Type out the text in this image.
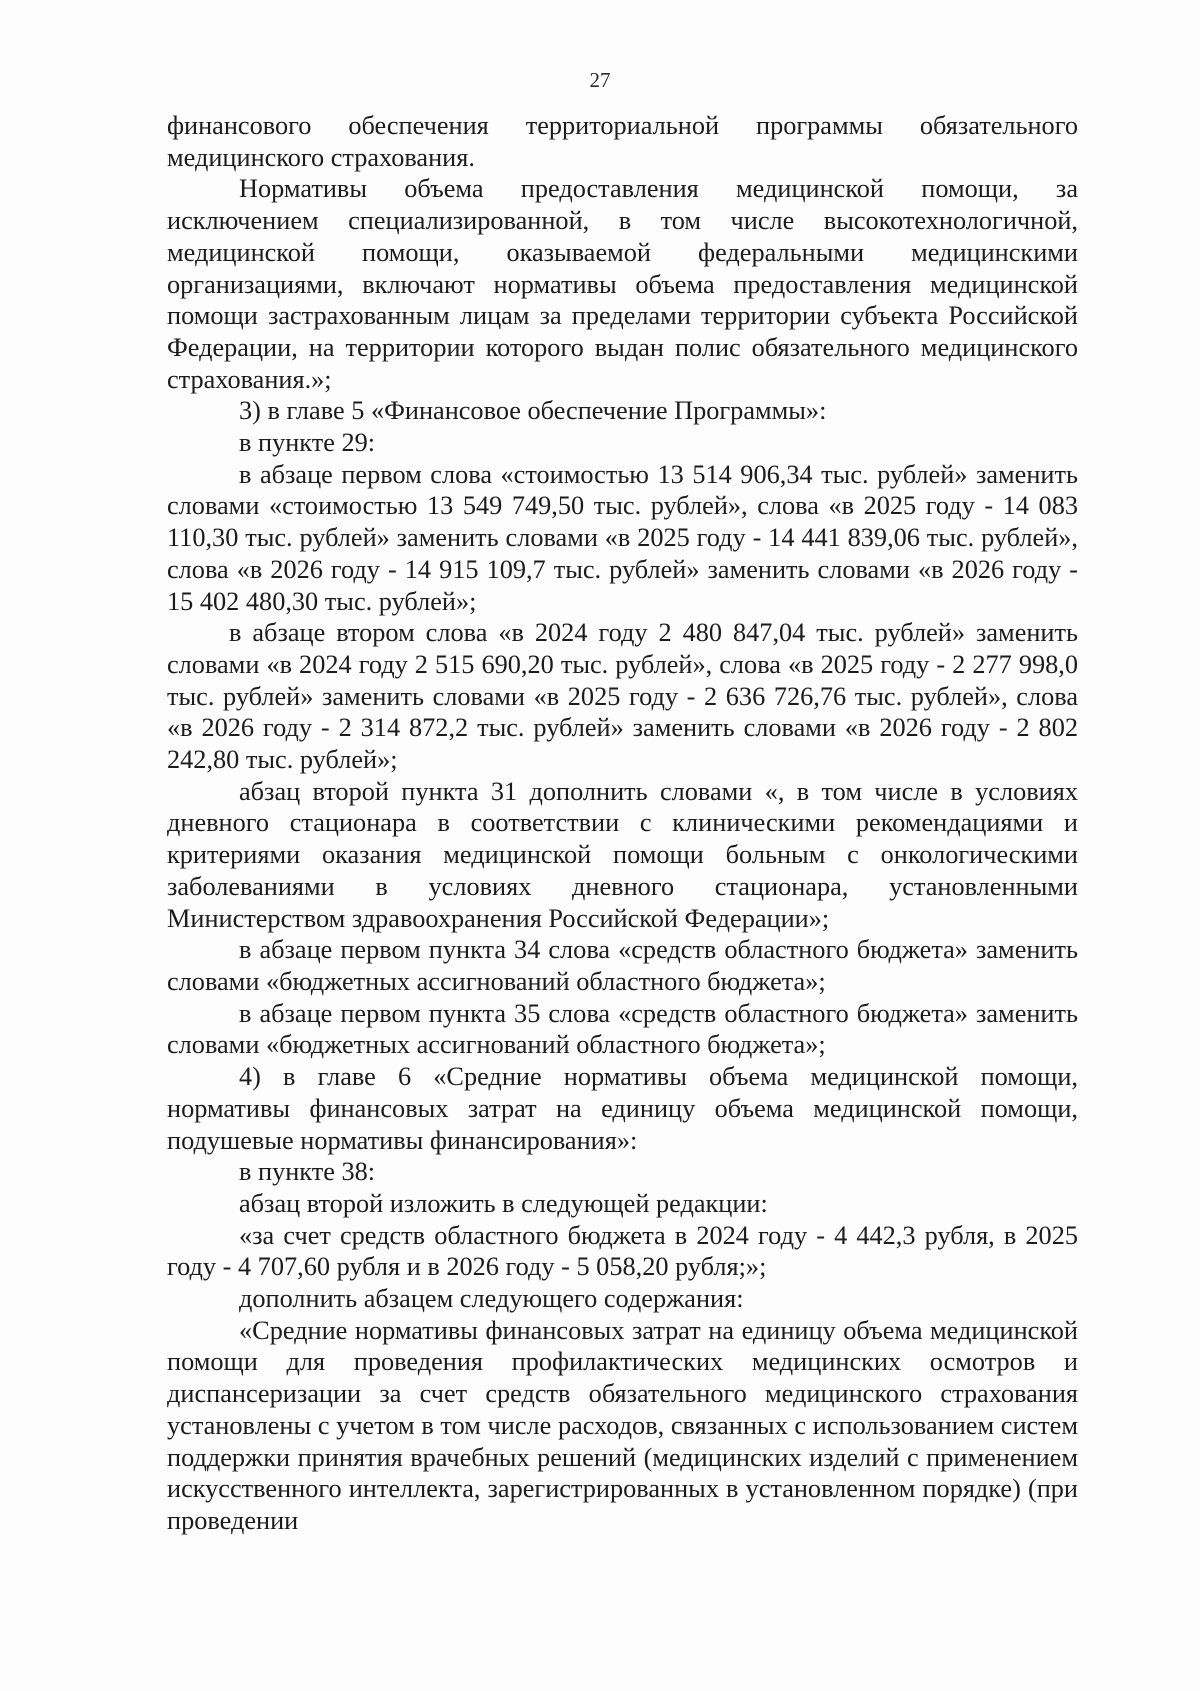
27

финансового обеспечения территориальной программы обязательного медицинского страхования.

Нормативы объема предоставления медицинской помощи, за исключением специализированной, в том числе высокотехнологичной, медицинской помощи, оказываемой федеральными медицинскими организациями, включают нормативы объема предоставления медицинской помощи застрахованным лицам за пределами территории субъекта Российской Федерации, на территории которого выдан полис обязательного медицинского страхования.»;

3) в главе 5 «Финансовое обеспечение Программы»:

в пункте 29:

в абзаце первом слова «стоимостью 13 514 906,34 тыс. рублей» заменить словами «стоимостью 13 549 749,50 тыс. рублей», слова «в 2025 году - 14 083 110,30 тыс. рублей» заменить словами «в 2025 году - 14 441 839,06 тыс. рублей», слова «в 2026 году - 14 915 109,7 тыс. рублей» заменить словами «в 2026 году - 15 402 480,30 тыс. рублей»;

в абзаце втором слова «в 2024 году 2 480 847,04 тыс. рублей» заменить словами «в 2024 году 2 515 690,20 тыс. рублей», слова «в 2025 году - 2 277 998,0 тыс. рублей» заменить словами «в 2025 году - 2 636 726,76 тыс. рублей», слова «в 2026 году - 2 314 872,2 тыс. рублей» заменить словами «в 2026 году - 2 802 242,80 тыс. рублей»;

абзац второй пункта 31 дополнить словами «, в том числе в условиях дневного стационара в соответствии с клиническими рекомендациями и критериями оказания медицинской помощи больным с онкологическими заболеваниями в условиях дневного стационара, установленными Министерством здравоохранения Российской Федерации»;

в абзаце первом пункта 34 слова «средств областного бюджета» заменить словами «бюджетных ассигнований областного бюджета»;

в абзаце первом пункта 35 слова «средств областного бюджета» заменить словами «бюджетных ассигнований областного бюджета»;

4) в главе 6 «Средние нормативы объема медицинской помощи, нормативы финансовых затрат на единицу объема медицинской помощи, подушевые нормативы финансирования»:

в пункте 38:

абзац второй изложить в следующей редакции:

«за счет средств областного бюджета в 2024 году - 4 442,3 рубля, в 2025 году - 4 707,60 рубля и в 2026 году - 5 058,20 рубля;»;

дополнить абзацем следующего содержания:

«Средние нормативы финансовых затрат на единицу объема медицинской помощи для проведения профилактических медицинских осмотров и диспансеризации за счет средств обязательного медицинского страхования установлены с учетом в том числе расходов, связанных с использованием систем поддержки принятия врачебных решений (медицинских изделий с применением искусственного интеллекта, зарегистрированных в установленном порядке) (при проведении
